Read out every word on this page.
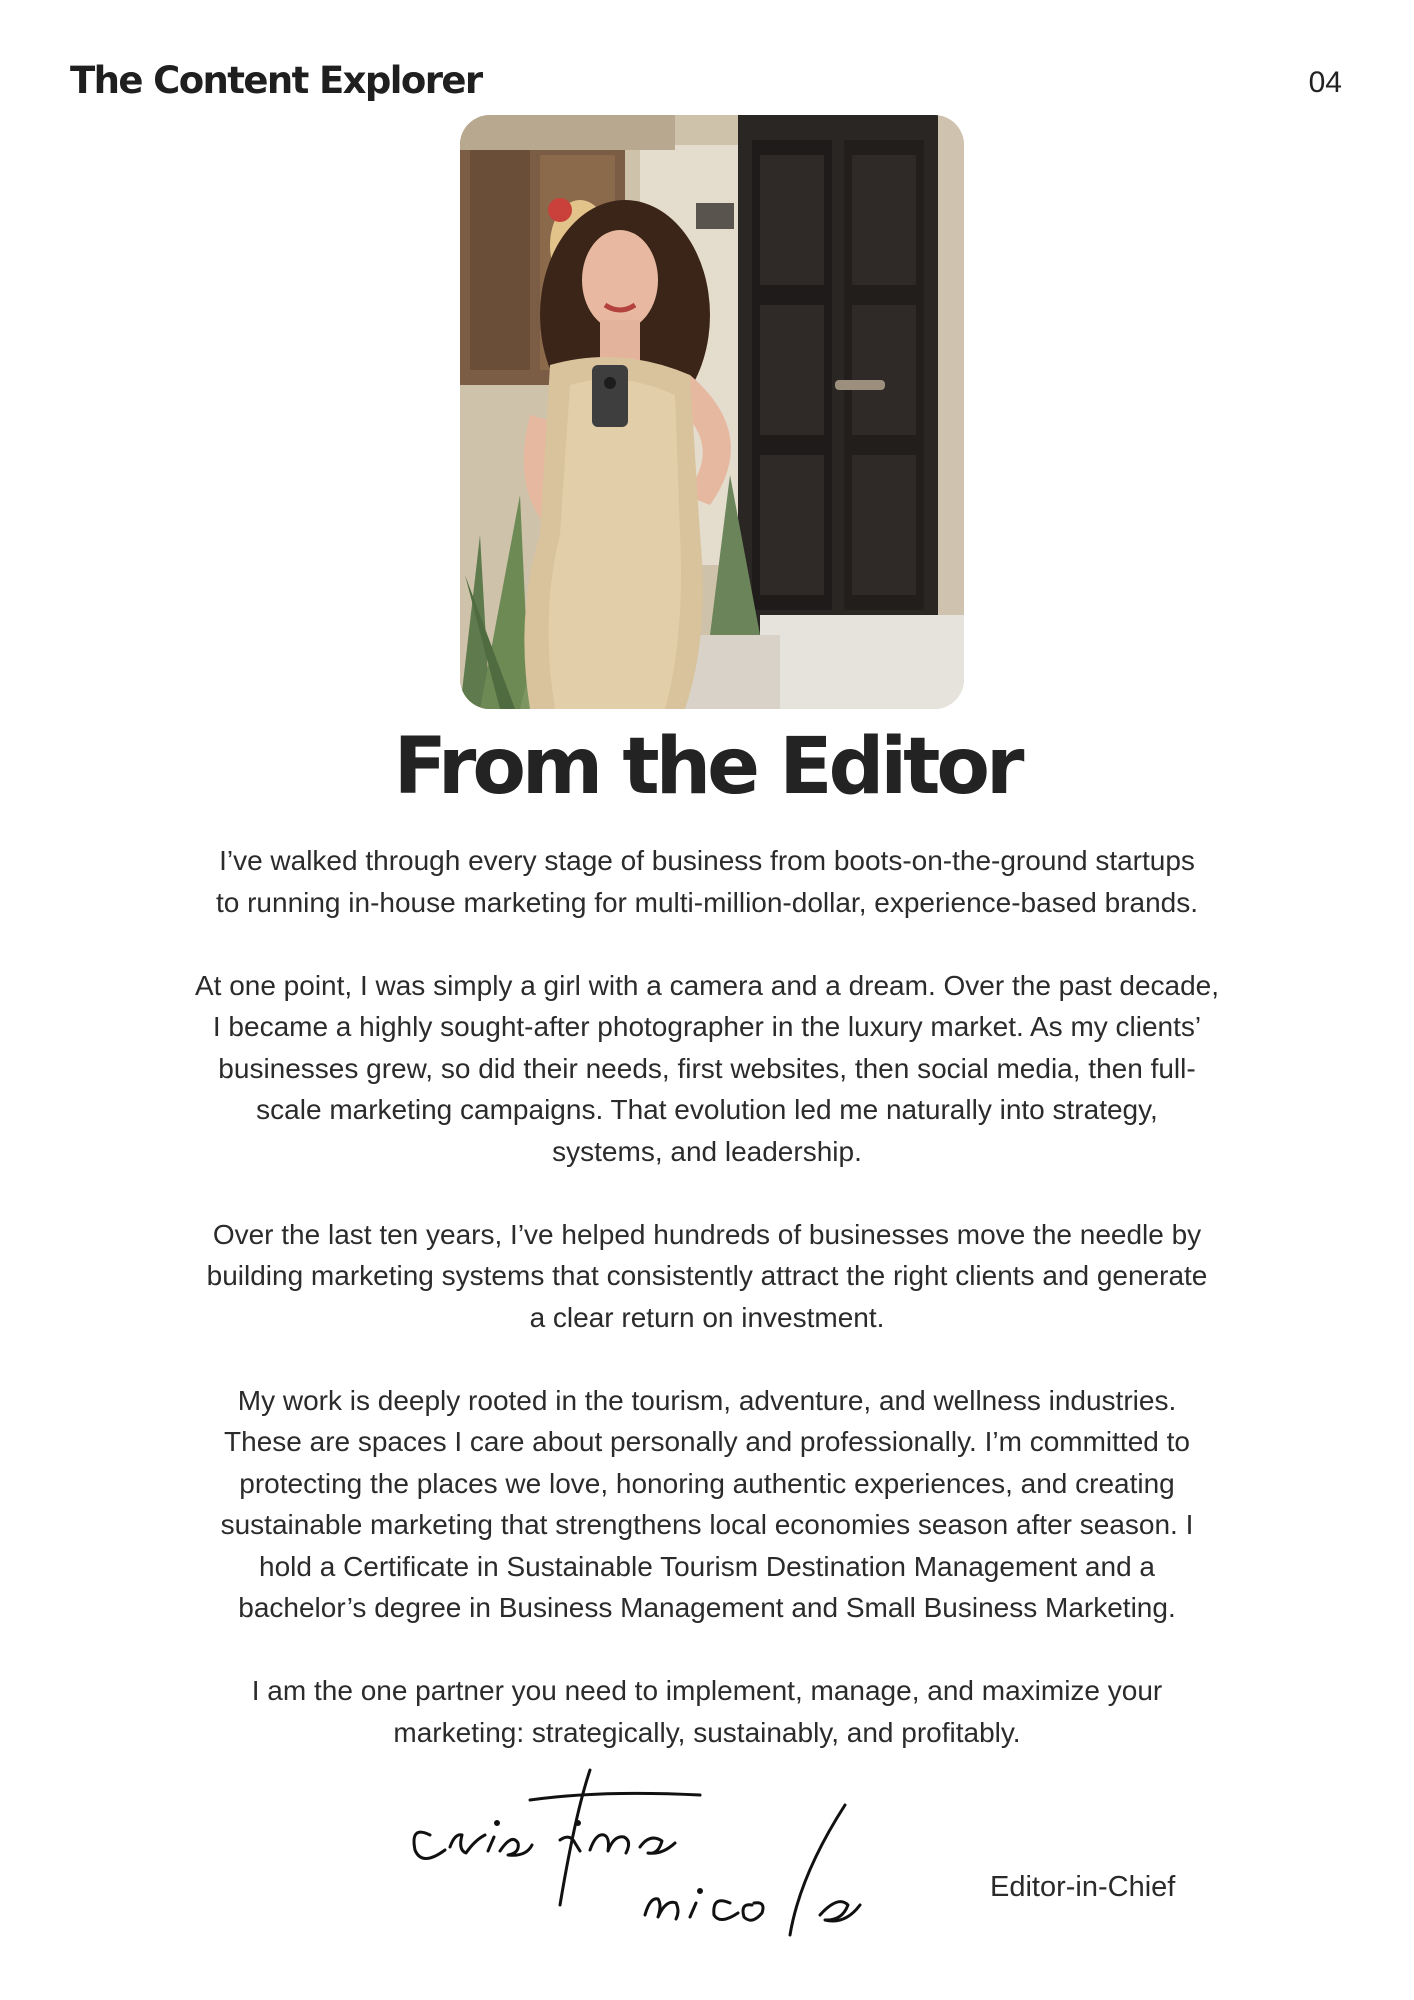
The Content Explorer	04
From the Editor

I’ve walked through every stage of business from boots-on-the-ground startups
to running in-house marketing for multi-million-dollar, experience-based brands.

At one point, I was simply a girl with a camera and a dream. Over the past decade,
I became a highly sought-after photographer in the luxury market. As my clients’
businesses grew, so did their needs, first websites, then social media, then full-
scale marketing campaigns. That evolution led me naturally into strategy,
systems, and leadership.

Over the last ten years, I’ve helped hundreds of businesses move the needle by
building marketing systems that consistently attract the right clients and generate
a clear return on investment.

My work is deeply rooted in the tourism, adventure, and wellness industries.
These are spaces I care about personally and professionally. I’m committed to
protecting the places we love, honoring authentic experiences, and creating
sustainable marketing that strengthens local economies season after season. I
hold a Certificate in Sustainable Tourism Destination Management and a
bachelor’s degree in Business Management and Small Business Marketing.

I am the one partner you need to implement, manage, and maximize your
marketing: strategically, sustainably, and profitably.

Editor-in-Chief
